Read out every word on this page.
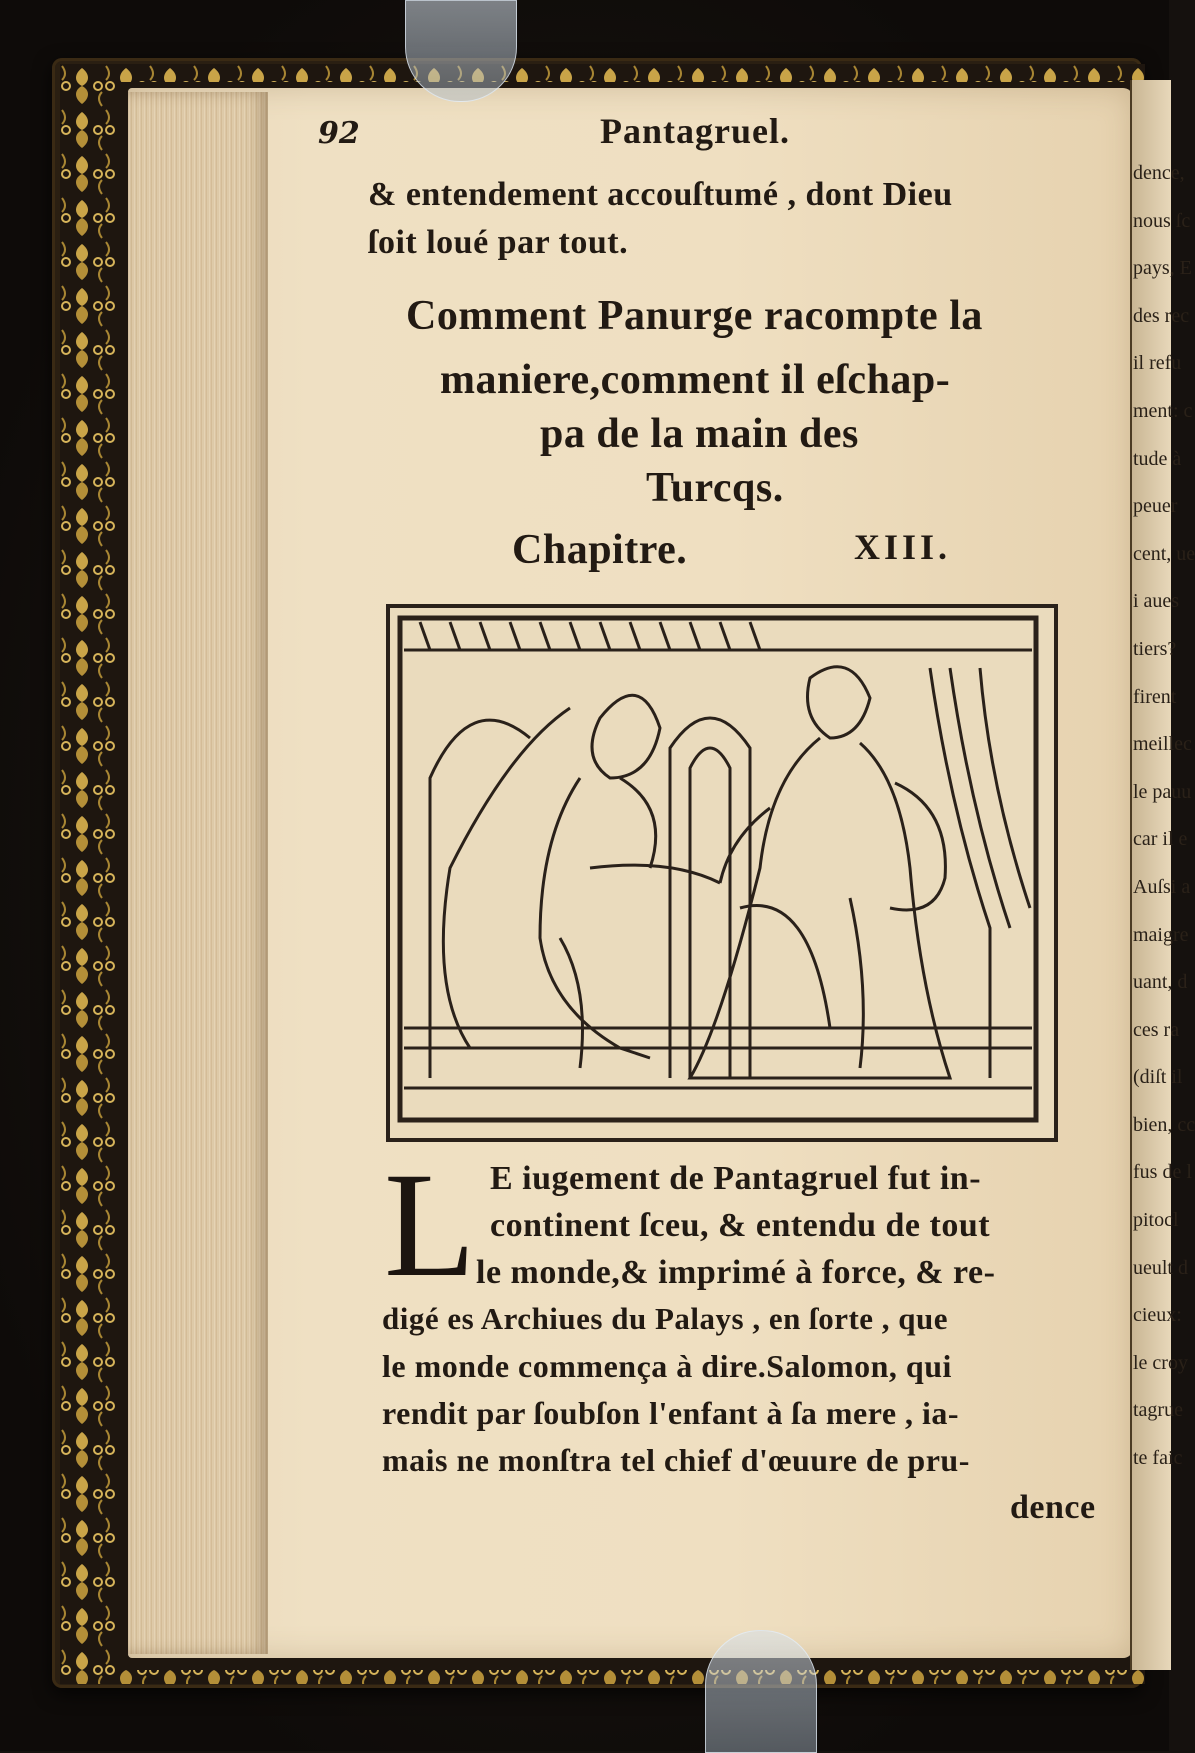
dence,
nous ſc
pays, E
des rec
il refu
ment: c
tude à
peuer
cent, ue
i aues
tiers?
firent
meillec
le pauu
car il e
Auſsi a
maigre
uant, d
ces ra
(diſt il
bien, cc
fus de l
pitocl
ueult d
cieux:
le croy
tagrue
te faic
92	Pantagruel.
& entendement accouſtumé , dont Dieu
ſoit loué par tout.
Comment Panurge racompte la
maniere,comment il eſchap-
pa de la main des
Turcqs.
Chapitre.	XIII.
L E iugement de Pantagruel fut in-
continent ſceu, & entendu de tout
le monde,& imprimé à force, & re-
digé es Archiues du Palays , en ſorte , que
le monde commença à dire.Salomon, qui
rendit par ſoubſon l'enfant à ſa mere , ia-
mais ne monſtra tel chief d'œuure de pru-
dence
